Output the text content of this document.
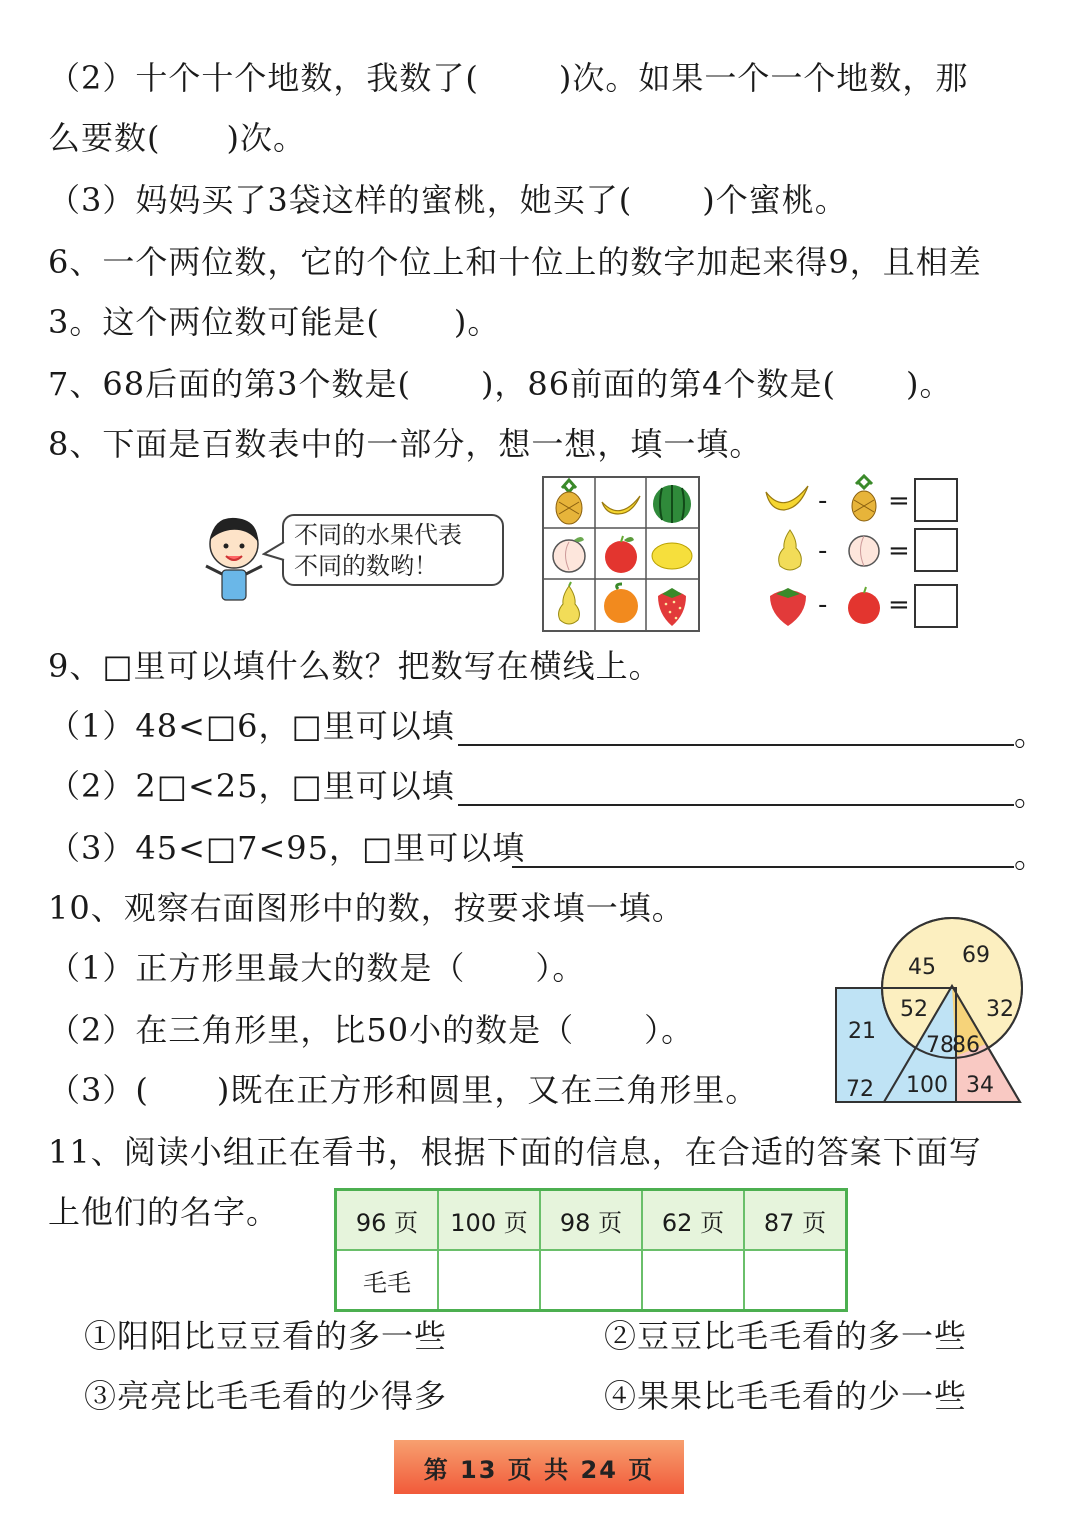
（2）十个十个地数，我数了(	)次。如果一个一个地数，那
么要数( )次。
（3）妈妈买了3袋这样的蜜桃，她买了( )个蜜桃。
6、一个两位数，它的个位上和十位上的数字加起来得9，且相差
3。这个两位数可能是( )。
7、68后面的第3个数是( )，86前面的第4个数是( )。
8、下面是百数表中的一部分，想一想，填一填。
不同的水果代表
不同的数哟！
- =
- =
- =
9、□里可以填什么数？把数写在横线上。
（1）48<□6，□里可以填	。
（2）2□<25，□里可以填	。
（3）45<□7<95，□里可以填	。
10、观察右面图形中的数，按要求填一填。
（1）正方形里最大的数是（ ）。
（2）在三角形里，比50小的数是（ ）。
（3）( )既在正方形和圆里，又在三角形里。
45 69
52	32
21
78
86
72 100 34
11、阅读小组正在看书，根据下面的信息，在合适的答案下面写
上他们的名字。	96 页	100 页	98 页	62 页	87 页
毛毛				
①阳阳比豆豆看的多一些	②豆豆比毛毛看的多一些
③亮亮比毛毛看的少得多	④果果比毛毛看的少一些
第 13 页 共 24 页
